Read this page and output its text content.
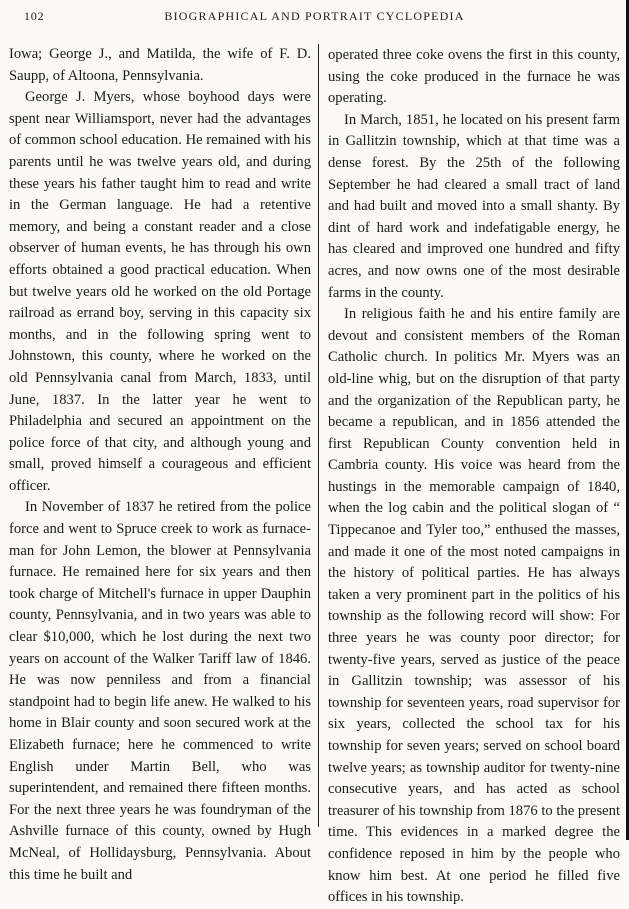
102	BIOGRAPHICAL AND PORTRAIT CYCLOPEDIA

Iowa; George J., and Matilda, the wife of F. D. Saupp, of Altoona, Pennsylvania.

George J. Myers, whose boyhood days were spent near Williamsport, never had the advantages of common school education. He remained with his parents until he was twelve years old, and during these years his father taught him to read and write in the German language. He had a retentive memory, and being a constant reader and a close observer of human events, he has through his own efforts obtained a good practical education. When but twelve years old he worked on the old Portage railroad as errand boy, serving in this capacity six months, and in the following spring went to Johnstown, this county, where he worked on the old Pennsylvania canal from March, 1833, until June, 1837. In the latter year he went to Philadelphia and secured an appointment on the police force of that city, and although young and small, proved himself a courageous and efficient officer.

In November of 1837 he retired from the police force and went to Spruce creek to work as furnace-man for John Lemon, the blower at Pennsylvania furnace. He remained here for six years and then took charge of Mitchell's furnace in upper Dauphin county, Pennsylvania, and in two years was able to clear $10,000, which he lost during the next two years on account of the Walker Tariff law of 1846. He was now penniless and from a financial standpoint had to begin life anew. He walked to his home in Blair county and soon secured work at the Elizabeth furnace; here he commenced to write English under Martin Bell, who was superintendent, and remained there fifteen months. For the next three years he was foundryman of the Ashville furnace of this county, owned by Hugh McNeal, of Hollidaysburg, Pennsylvania. About this time he built and

operated three coke ovens the first in this county, using the coke produced in the furnace he was operating.

In March, 1851, he located on his present farm in Gallitzin township, which at that time was a dense forest. By the 25th of the following September he had cleared a small tract of land and had built and moved into a small shanty. By dint of hard work and indefatigable energy, he has cleared and improved one hundred and fifty acres, and now owns one of the most desirable farms in the county.

In religious faith he and his entire family are devout and consistent members of the Roman Catholic church. In politics Mr. Myers was an old-line whig, but on the disruption of that party and the organization of the Republican party, he became a republican, and in 1856 attended the first Republican County convention held in Cambria county. His voice was heard from the hustings in the memorable campaign of 1840, when the log cabin and the political slogan of “ Tippecanoe and Tyler too,” enthused the masses, and made it one of the most noted campaigns in the history of political parties. He has always taken a very prominent part in the politics of his township as the following record will show: For three years he was county poor director; for twenty-five years, served as justice of the peace in Gallitzin township; was assessor of his township for seventeen years, road supervisor for six years, collected the school tax for his township for seven years; served on school board twelve years; as township auditor for twenty-nine consecutive years, and has acted as school treasurer of his township from 1876 to the present time. This evidences in a marked degree the confidence reposed in him by the people who know him best. At one period he filled five offices in his township.
